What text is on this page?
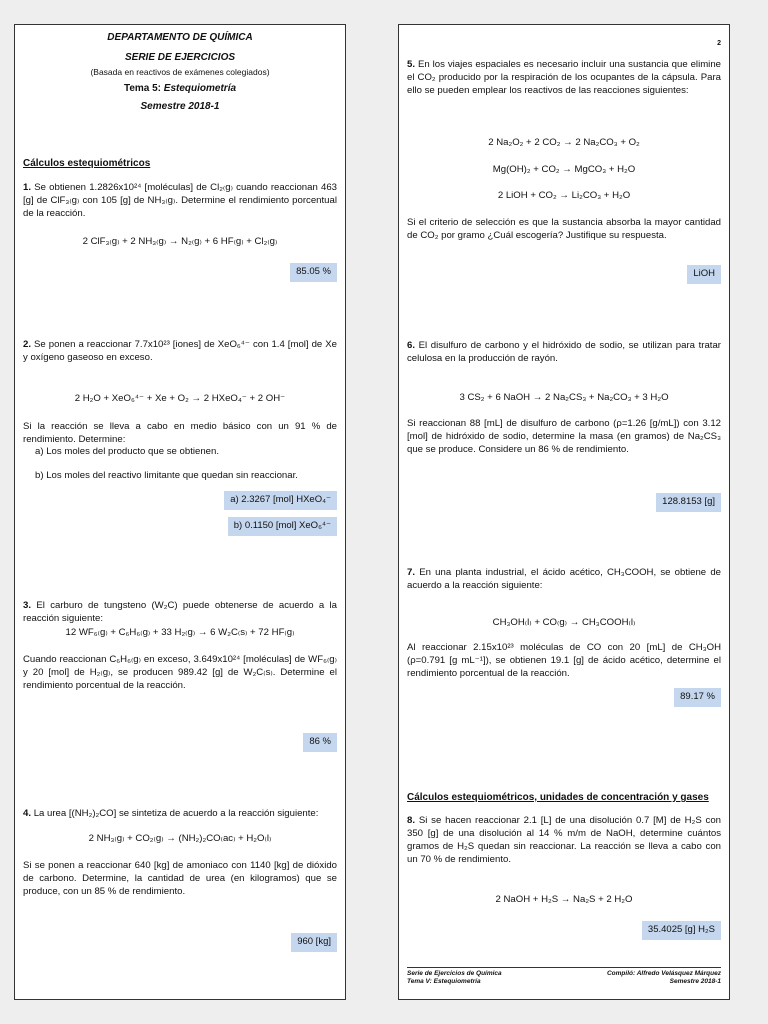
DEPARTAMENTO DE QUÍMICA
SERIE DE EJERCICIOS
(Basada en reactivos de exámenes colegiados)
Tema 5: Estequiometría
Semestre 2018-1
Cálculos estequiométricos
1. Se obtienen 1.2826x10²⁴ [moléculas] de Cl₂₍g₎ cuando reaccionan 463 [g] de ClF₃₍g₎ con 105 [g] de NH₃₍g₎. Determine el rendimiento porcentual de la reacción.
2 ClF₃₍g₎ + 2 NH₃₍g₎ → N₂₍g₎ + 6 HF₍g₎ + Cl₂₍g₎
85.05 %
2. Se ponen a reaccionar 7.7x10²³ [iones] de XeO₆⁴⁻ con 1.4 [mol] de Xe y oxígeno gaseoso en exceso.
2 H₂O + XeO₆⁴⁻ + Xe + O₂ → 2 HXeO₄⁻ + 2 OH⁻
Si la reacción se lleva a cabo en medio básico con un 91 % de rendimiento. Determine:
a) Los moles del producto que se obtienen.
b) Los moles del reactivo limitante que quedan sin reaccionar.
a) 2.3267 [mol] HXeO₄⁻
b) 0.1150 [mol] XeO₆⁴⁻
3. El carburo de tungsteno (W₂C) puede obtenerse de acuerdo a la reacción siguiente:
12 WF₆₍g₎ + C₆H₆₍g₎ + 33 H₂₍g₎ → 6 W₂C₍s₎ + 72 HF₍g₎
Cuando reaccionan C₆H₆₍g₎ en exceso, 3.649x10²⁴ [moléculas] de WF₆₍g₎ y 20 [mol] de H₂₍g₎, se producen 989.42 [g] de W₂C₍s₎. Determine el rendimiento porcentual de la reacción.
86 %
4. La urea [(NH₂)₂CO] se sintetiza de acuerdo a la reacción siguiente:
2 NH₃₍g₎ + CO₂₍g₎ → (NH₂)₂CO₍ac₎ + H₂O₍l₎
Si se ponen a reaccionar 640 [kg] de amoniaco con 1140 [kg] de dióxido de carbono. Determine, la cantidad de urea (en kilogramos) que se produce, con un 85 % de rendimiento.
960 [kg]
2
5. En los viajes espaciales es necesario incluir una sustancia que elimine el CO₂ producido por la respiración de los ocupantes de la cápsula. Para ello se pueden emplear los reactivos de las reacciones siguientes:
2 Na₂O₂ + 2 CO₂ → 2 Na₂CO₃ + O₂
Mg(OH)₂ + CO₂ → MgCO₃ + H₂O
2 LiOH + CO₂ → Li₂CO₃ + H₂O
Si el criterio de selección es que la sustancia absorba la mayor cantidad de CO₂ por gramo ¿Cuál escogería? Justifique su respuesta.
LiOH
6. El disulfuro de carbono y el hidróxido de sodio, se utilizan para tratar celulosa en la producción de rayón.
3 CS₂ + 6 NaOH → 2 Na₂CS₃ + Na₂CO₃ + 3 H₂O
Si reaccionan 88 [mL] de disulfuro de carbono (ρ=1.26 [g/mL]) con 3.12 [mol] de hidróxido de sodio, determine la masa (en gramos) de Na₂CS₃ que se produce. Considere un 86 % de rendimiento.
128.8153 [g]
7. En una planta industrial, el ácido acético, CH₃COOH, se obtiene de acuerdo a la reacción siguiente:
CH₃OH₍l₎ + CO₍g₎ → CH₃COOH₍l₎
Al reaccionar 2.15x10²³ moléculas de CO con 20 [mL] de CH₃OH (ρ=0.791 [g mL⁻¹]), se obtienen 19.1 [g] de ácido acético, determine el rendimiento porcentual de la reacción.
89.17 %
Cálculos estequiométricos, unidades de concentración y gases
8. Si se hacen reaccionar 2.1 [L] de una disolución 0.7 [M] de H₂S con 350 [g] de una disolución al 14 % m/m de NaOH, determine cuántos gramos de H₂S quedan sin reaccionar. La reacción se lleva a cabo con un 70 % de rendimiento.
2 NaOH + H₂S → Na₂S + 2 H₂O
35.4025 [g] H₂S
Serie de Ejercicios de Química
Tema V: Estequiometría
Compiló: Alfredo Velásquez Márquez
Semestre 2018-1
